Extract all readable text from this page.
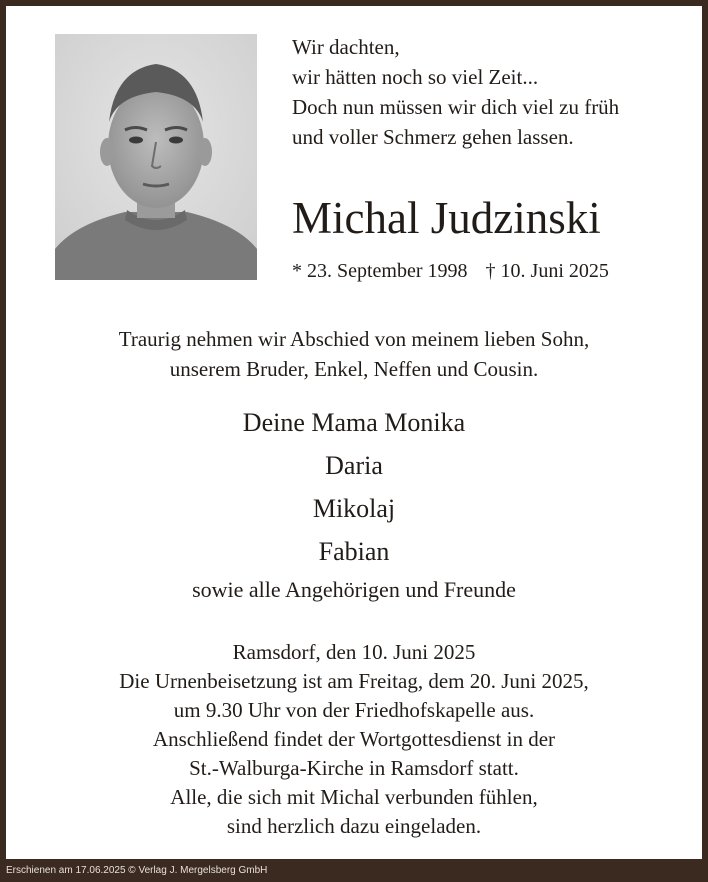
Wir dachten,
wir hätten noch so viel Zeit...
Doch nun müssen wir dich viel zu früh
und voller Schmerz gehen lassen.
Michal Judzinski
* 23. September 1998 † 10. Juni 2025
Traurig nehmen wir Abschied von meinem lieben Sohn,
unserem Bruder, Enkel, Neffen und Cousin.
Deine Mama Monika
Daria
Mikolaj
Fabian
sowie alle Angehörigen und Freunde
Ramsdorf, den 10. Juni 2025
Die Urnenbeisetzung ist am Freitag, dem 20. Juni 2025,
um 9.30 Uhr von der Friedhofskapelle aus.
Anschließend findet der Wortgottesdienst in der
St.-Walburga-Kirche in Ramsdorf statt.
Alle, die sich mit Michal verbunden fühlen,
sind herzlich dazu eingeladen.
Erschienen am 17.06.2025 © Verlag J. Mergelsberg GmbH
